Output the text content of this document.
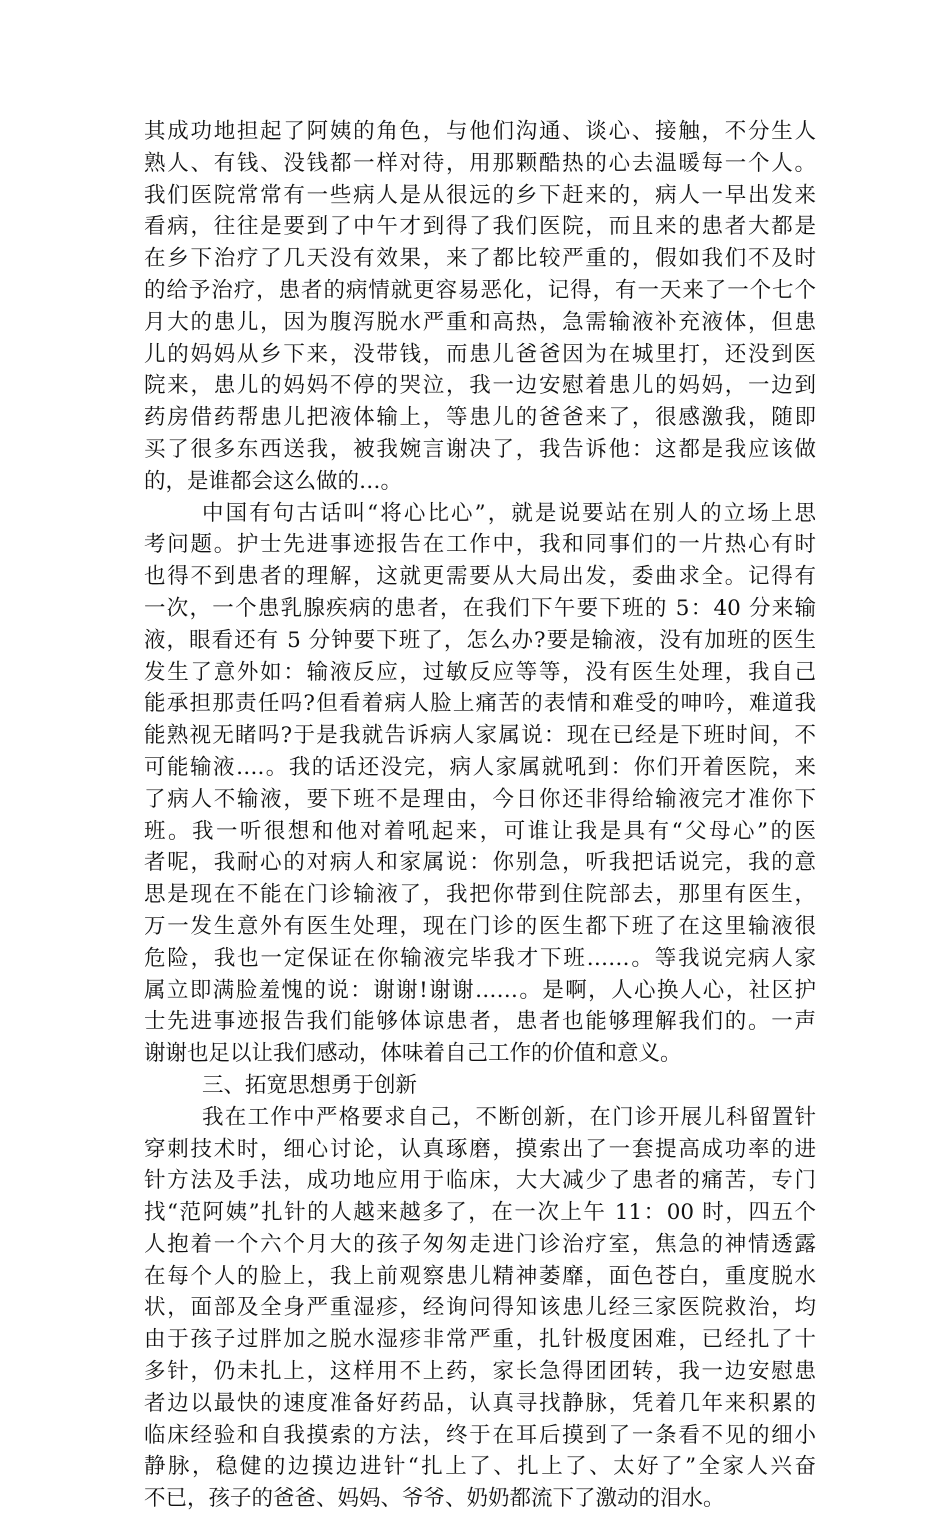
其成功地担起了阿姨的角色，与他们沟通、谈心、接触，不分生人
熟人、有钱、没钱都一样对待，用那颗酷热的心去温暖每一个人。
我们医院常常有一些病人是从很远的乡下赶来的，病人一早出发来
看病，往往是要到了中午才到得了我们医院，而且来的患者大都是
在乡下治疗了几天没有效果，来了都比较严重的，假如我们不及时
的给予治疗，患者的病情就更容易恶化，记得，有一天来了一个七个
月大的患儿，因为腹泻脱水严重和高热，急需输液补充液体，但患
儿的妈妈从乡下来，没带钱，而患儿爸爸因为在城里打，还没到医
院来，患儿的妈妈不停的哭泣，我一边安慰着患儿的妈妈，一边到
药房借药帮患儿把液体输上，等患儿的爸爸来了，很感激我，随即
买了很多东西送我，被我婉言谢决了，我告诉他：这都是我应该做
的，是谁都会这么做的…。
中国有句古话叫“将心比心”，就是说要站在别人的立场上思
考问题。护士先进事迹报告在工作中，我和同事们的一片热心有时
也得不到患者的理解，这就更需要从大局出发，委曲求全。记得有
一次，一个患乳腺疾病的患者，在我们下午要下班的 5：40 分来输
液，眼看还有 5 分钟要下班了，怎么办?要是输液，没有加班的医生
发生了意外如：输液反应，过敏反应等等，没有医生处理，我自己
能承担那责任吗?但看着病人脸上痛苦的表情和难受的呻吟，难道我
能熟视无睹吗?于是我就告诉病人家属说：现在已经是下班时间，不
可能输液….。我的话还没完，病人家属就吼到：你们开着医院，来
了病人不输液，要下班不是理由，今日你还非得给输液完才准你下
班。我一听很想和他对着吼起来，可谁让我是具有“父母心”的医
者呢，我耐心的对病人和家属说：你别急，听我把话说完，我的意
思是现在不能在门诊输液了，我把你带到住院部去，那里有医生，
万一发生意外有医生处理，现在门诊的医生都下班了在这里输液很
危险，我也一定保证在你输液完毕我才下班……。等我说完病人家
属立即满脸羞愧的说：谢谢!谢谢……。是啊，人心换人心，社区护
士先进事迹报告我们能够体谅患者，患者也能够理解我们的。一声
谢谢也足以让我们感动，体味着自己工作的价值和意义。
三、拓宽思想勇于创新
我在工作中严格要求自己，不断创新，在门诊开展儿科留置针
穿刺技术时，细心讨论，认真琢磨，摸索出了一套提高成功率的进
针方法及手法，成功地应用于临床，大大减少了患者的痛苦，专门
找“范阿姨”扎针的人越来越多了，在一次上午 11：00 时，四五个
人抱着一个六个月大的孩子匆匆走进门诊治疗室，焦急的神情透露
在每个人的脸上，我上前观察患儿精神萎靡，面色苍白，重度脱水
状，面部及全身严重湿疹，经询问得知该患儿经三家医院救治，均
由于孩子过胖加之脱水湿疹非常严重，扎针极度困难，已经扎了十
多针，仍未扎上，这样用不上药，家长急得团团转，我一边安慰患
者边以最快的速度准备好药品，认真寻找静脉，凭着几年来积累的
临床经验和自我摸索的方法，终于在耳后摸到了一条看不见的细小
静脉，稳健的边摸边进针“扎上了、扎上了、太好了”全家人兴奋
不已，孩子的爸爸、妈妈、爷爷、奶奶都流下了激动的泪水。
